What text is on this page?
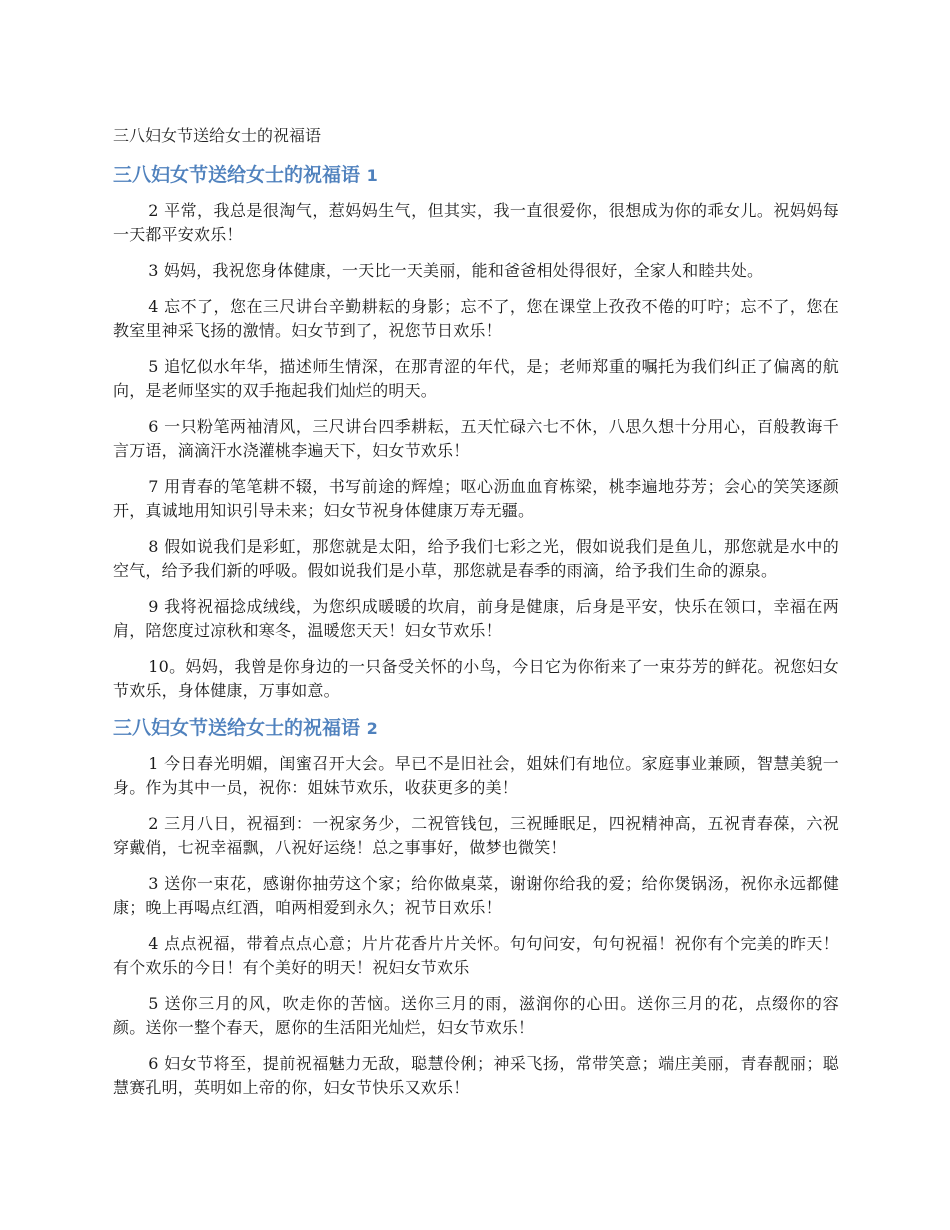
三八妇女节送给女士的祝福语
三八妇女节送给女士的祝福语 1

2 平常，我总是很淘气，惹妈妈生气，但其实，我一直很爱你，很想成为你的乖女儿。祝妈妈每一天都平安欢乐！

3 妈妈，我祝您身体健康，一天比一天美丽，能和爸爸相处得很好，全家人和睦共处。

4 忘不了，您在三尺讲台辛勤耕耘的身影；忘不了，您在课堂上孜孜不倦的叮咛；忘不了，您在教室里神采飞扬的激情。妇女节到了，祝您节日欢乐！

5 追忆似水年华，描述师生情深，在那青涩的年代，是；老师郑重的嘱托为我们纠正了偏离的航向，是老师坚实的双手拖起我们灿烂的明天。

6 一只粉笔两袖清风，三尺讲台四季耕耘，五天忙碌六七不休，八思久想十分用心，百般教诲千言万语，滴滴汗水浇灌桃李遍天下，妇女节欢乐！

7 用青春的笔笔耕不辍，书写前途的辉煌；呕心沥血血育栋梁，桃李遍地芬芳；会心的笑笑逐颜开，真诚地用知识引导未来；妇女节祝身体健康万寿无疆。

8 假如说我们是彩虹，那您就是太阳，给予我们七彩之光，假如说我们是鱼儿，那您就是水中的空气，给予我们新的呼吸。假如说我们是小草，那您就是春季的雨滴，给予我们生命的源泉。

9 我将祝福捻成绒线，为您织成暖暖的坎肩，前身是健康，后身是平安，快乐在领口，幸福在两肩，陪您度过凉秋和寒冬，温暖您天天！妇女节欢乐！

10。妈妈，我曾是你身边的一只备受关怀的小鸟，今日它为你衔来了一束芬芳的鲜花。祝您妇女节欢乐，身体健康，万事如意。

三八妇女节送给女士的祝福语 2

1 今日春光明媚，闺蜜召开大会。早已不是旧社会，姐妹们有地位。家庭事业兼顾，智慧美貌一身。作为其中一员，祝你：姐妹节欢乐，收获更多的美！

2 三月八日，祝福到：一祝家务少，二祝管钱包，三祝睡眠足，四祝精神高，五祝青春葆，六祝穿戴俏，七祝幸福飘，八祝好运绕！总之事事好，做梦也微笑！

3 送你一束花，感谢你抽劳这个家；给你做桌菜，谢谢你给我的爱；给你煲锅汤，祝你永远都健康；晚上再喝点红酒，咱两相爱到永久；祝节日欢乐！

4 点点祝福，带着点点心意；片片花香片片关怀。句句问安，句句祝福！祝你有个完美的昨天！有个欢乐的今日！有个美好的明天！祝妇女节欢乐

5 送你三月的风，吹走你的苦恼。送你三月的雨，滋润你的心田。送你三月的花，点缀你的容颜。送你一整个春天，愿你的生活阳光灿烂，妇女节欢乐！

6 妇女节将至，提前祝福魅力无敌，聪慧伶俐；神采飞扬，常带笑意；端庄美丽，青春靓丽；聪慧赛孔明，英明如上帝的你，妇女节快乐又欢乐！
